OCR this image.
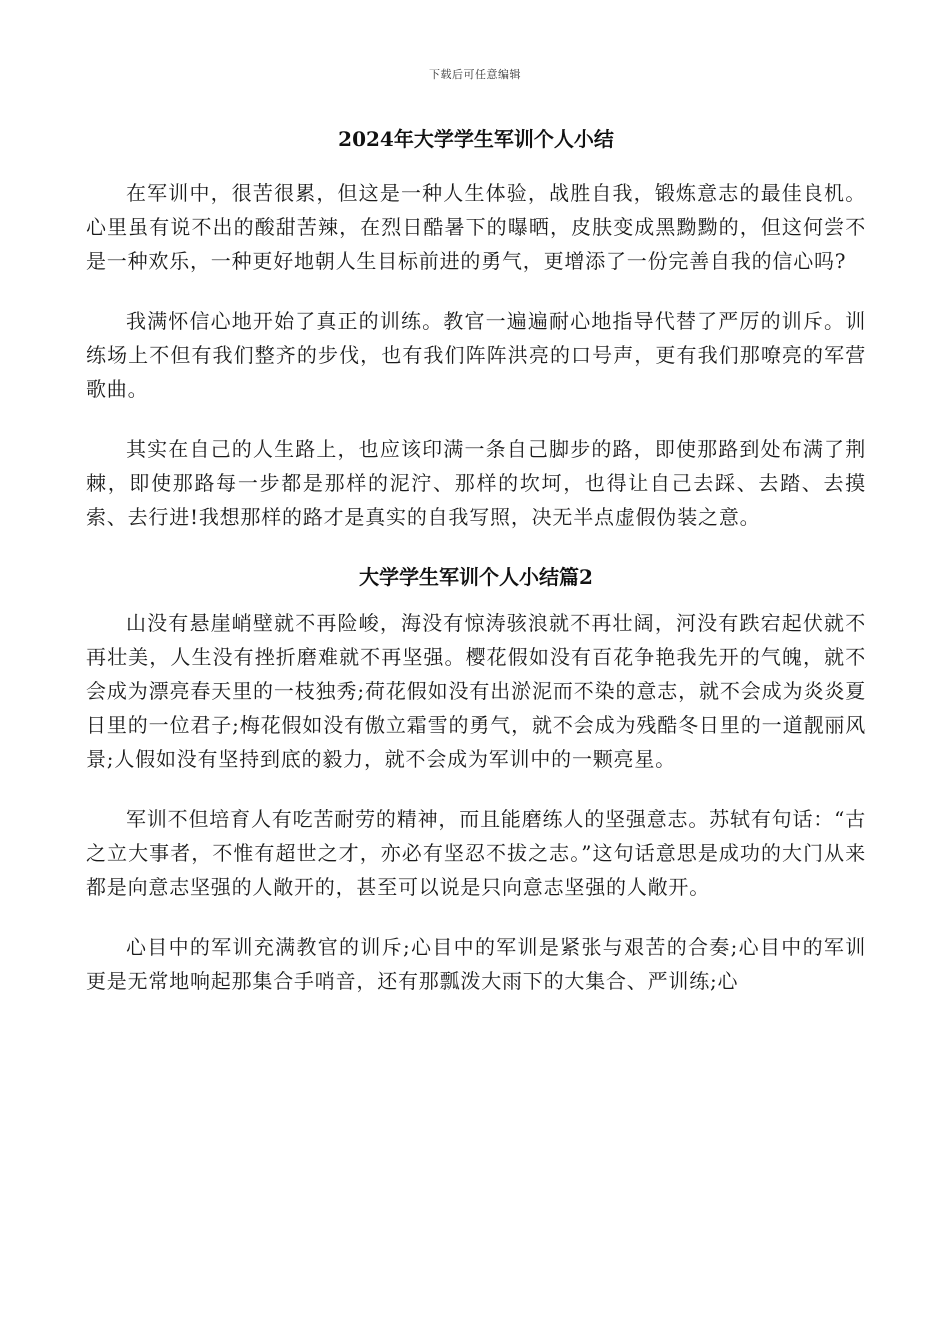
下载后可任意编辑
2024年大学学生军训个人小结

在军训中，很苦很累，但这是一种人生体验，战胜自我，锻炼意志的最佳良机。心里虽有说不出的酸甜苦辣，在烈日酷暑下的曝晒，皮肤变成黑黝黝的，但这何尝不是一种欢乐，一种更好地朝人生目标前进的勇气，更增添了一份完善自我的信心吗?

我满怀信心地开始了真正的训练。教官一遍遍耐心地指导代替了严厉的训斥。训练场上不但有我们整齐的步伐，也有我们阵阵洪亮的口号声，更有我们那嘹亮的军营歌曲。

其实在自己的人生路上，也应该印满一条自己脚步的路，即使那路到处布满了荆棘，即使那路每一步都是那样的泥泞、那样的坎坷，也得让自己去踩、去踏、去摸索、去行进!我想那样的路才是真实的自我写照，决无半点虚假伪装之意。

大学学生军训个人小结篇2

山没有悬崖峭壁就不再险峻，海没有惊涛骇浪就不再壮阔，河没有跌宕起伏就不再壮美，人生没有挫折磨难就不再坚强。樱花假如没有百花争艳我先开的气魄，就不会成为漂亮春天里的一枝独秀;荷花假如没有出淤泥而不染的意志，就不会成为炎炎夏日里的一位君子;梅花假如没有傲立霜雪的勇气，就不会成为残酷冬日里的一道靓丽风景;人假如没有坚持到底的毅力，就不会成为军训中的一颗亮星。

军训不但培育人有吃苦耐劳的精神，而且能磨练人的坚强意志。苏轼有句话：“古之立大事者，不惟有超世之才，亦必有坚忍不拔之志。”这句话意思是成功的大门从来都是向意志坚强的人敞开的，甚至可以说是只向意志坚强的人敞开。

心目中的军训充满教官的训斥;心目中的军训是紧张与艰苦的合奏;心目中的军训更是无常地响起那集合手哨音，还有那瓢泼大雨下的大集合、严训练;心
